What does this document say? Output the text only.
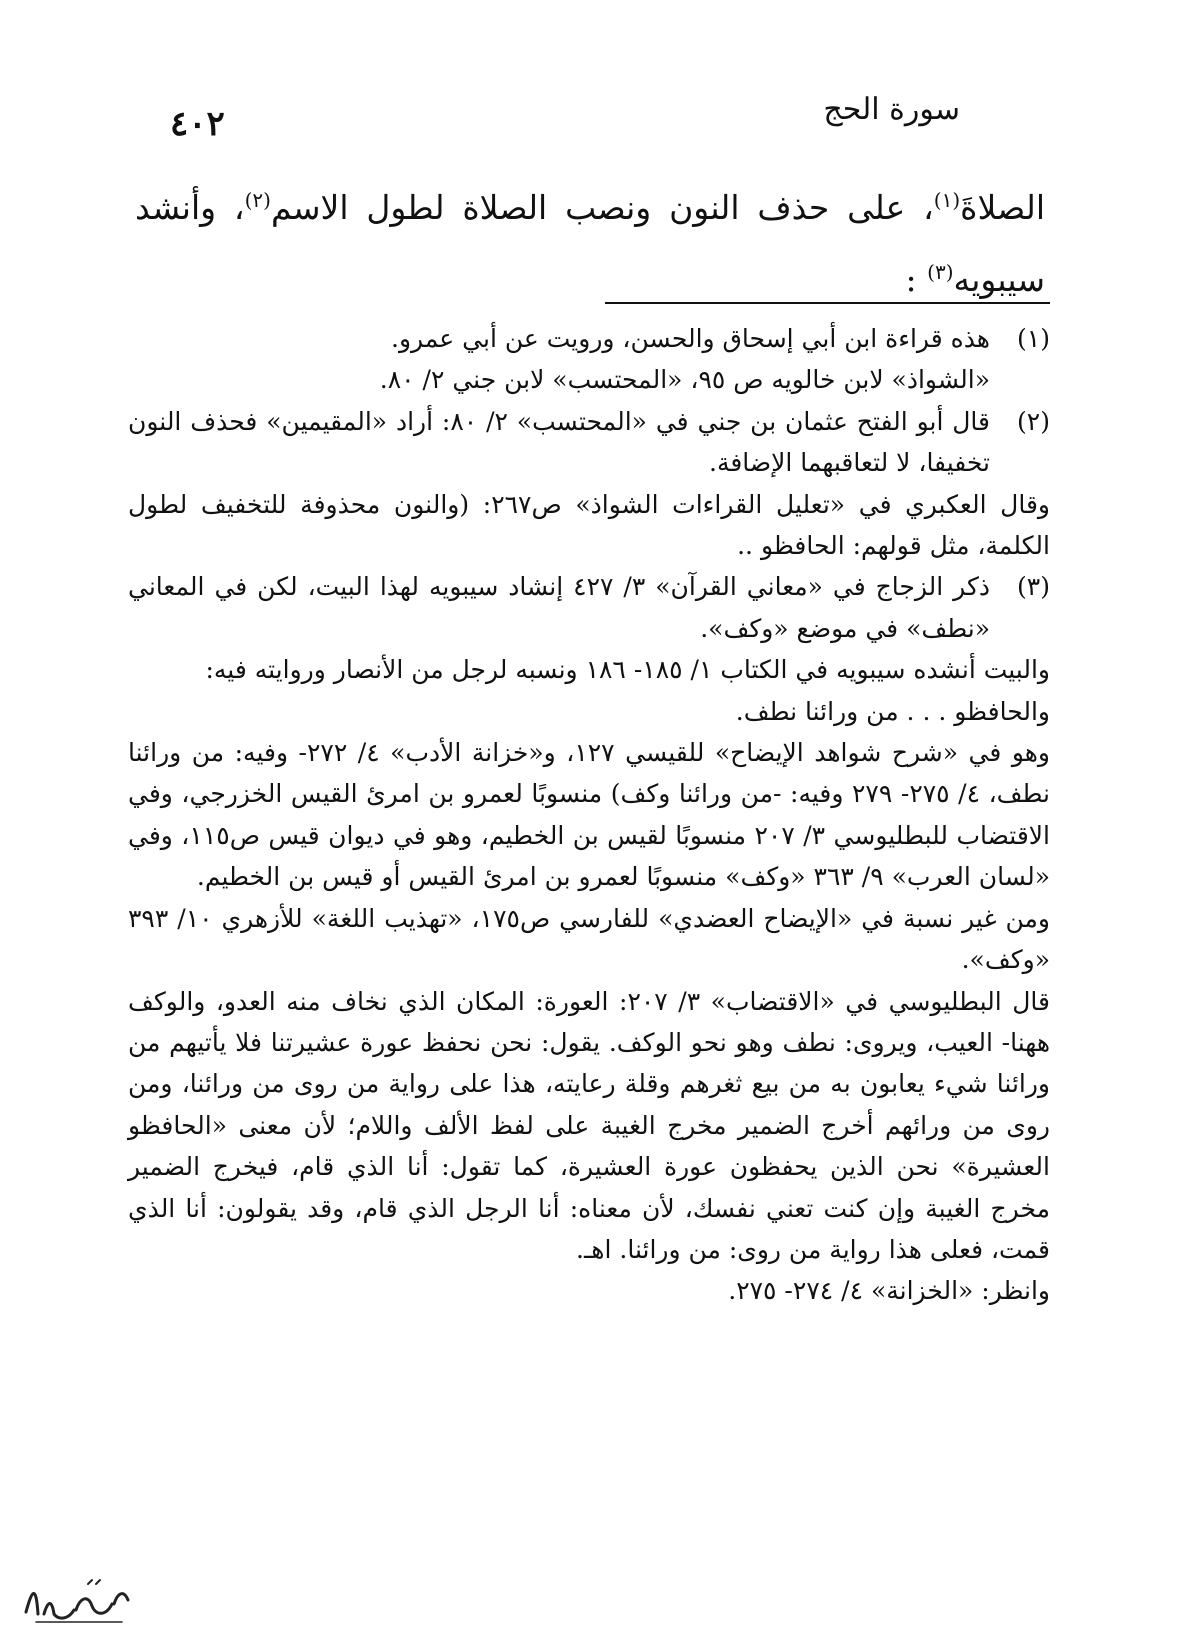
سورة الحج
٤٠٢

الصلاةَ$^{(١)}$، على حذف النون ونصب الصلاة لطول الاسم$^{(٢)}$، وأنشد سيبويه$^{(٣)}$ :

(١)

هذه قراءة ابن أبي إسحاق والحسن، ورويت عن أبي عمرو.

«الشواذ» لابن خالويه ص ٩٥، «المحتسب» لابن جني ٢/ ٨٠.

(٢)

قال أبو الفتح عثمان بن جني في «المحتسب» ٢/ ٨٠: أراد «المقيمين» فحذف النون تخفيفا، لا لتعاقبهما الإضافة.

وقال العكبري في «تعليل القراءات الشواذ» ص٢٦٧: (والنون محذوفة للتخفيف لطول الكلمة، مثل قولهم: الحافظو ..

(٣)

ذكر الزجاج في «معاني القرآن» ٣/ ٤٢٧ إنشاد سيبويه لهذا البيت، لكن في المعاني «نطف» في موضع «وكف».

والبيت أنشده سيبويه في الكتاب ١/ ١٨٥- ١٨٦ ونسبه لرجل من الأنصار وروايته فيه:

والحافظو . . . من ورائنا نطف.

وهو في «شرح شواهد الإيضاح» للقيسي ١٢٧، و«خزانة الأدب» ٤/ ٢٧٢- وفيه: من ورائنا نطف، ٤/ ٢٧٥- ٢٧٩ وفيه: -من ورائنا وكف) منسوبًا لعمرو بن امرئ القيس الخزرجي، وفي الاقتضاب للبطليوسي ٣/ ٢٠٧ منسوبًا لقيس بن الخطيم، وهو في ديوان قيس ص١١٥، وفي «لسان العرب» ٩/ ٣٦٣ «وكف» منسوبًا لعمرو بن امرئ القيس أو قيس بن الخطيم.

ومن غير نسبة في «الإيضاح العضدي» للفارسي ص١٧٥، «تهذيب اللغة» للأزهري ١٠/ ٣٩٣ «وكف».

قال البطليوسي في «الاقتضاب» ٣/ ٢٠٧: العورة: المكان الذي نخاف منه العدو، والوكف ههنا- العيب، ويروى: نطف وهو نحو الوكف. يقول: نحن نحفظ عورة عشيرتنا فلا يأتيهم من ورائنا شيء يعابون به من بيع ثغرهم وقلة رعايته، هذا على رواية من روى من ورائنا، ومن روى من ورائهم أخرج الضمير مخرج الغيبة على لفظ الألف واللام؛ لأن معنى «الحافظو العشيرة» نحن الذين يحفظون عورة العشيرة، كما تقول: أنا الذي قام، فيخرج الضمير مخرج الغيبة وإن كنت تعني نفسك، لأن معناه: أنا الرجل الذي قام، وقد يقولون: أنا الذي قمت، فعلى هذا رواية من روى: من ورائنا. اهـ.

وانظر: «الخزانة» ٤/ ٢٧٤- ٢٧٥.
